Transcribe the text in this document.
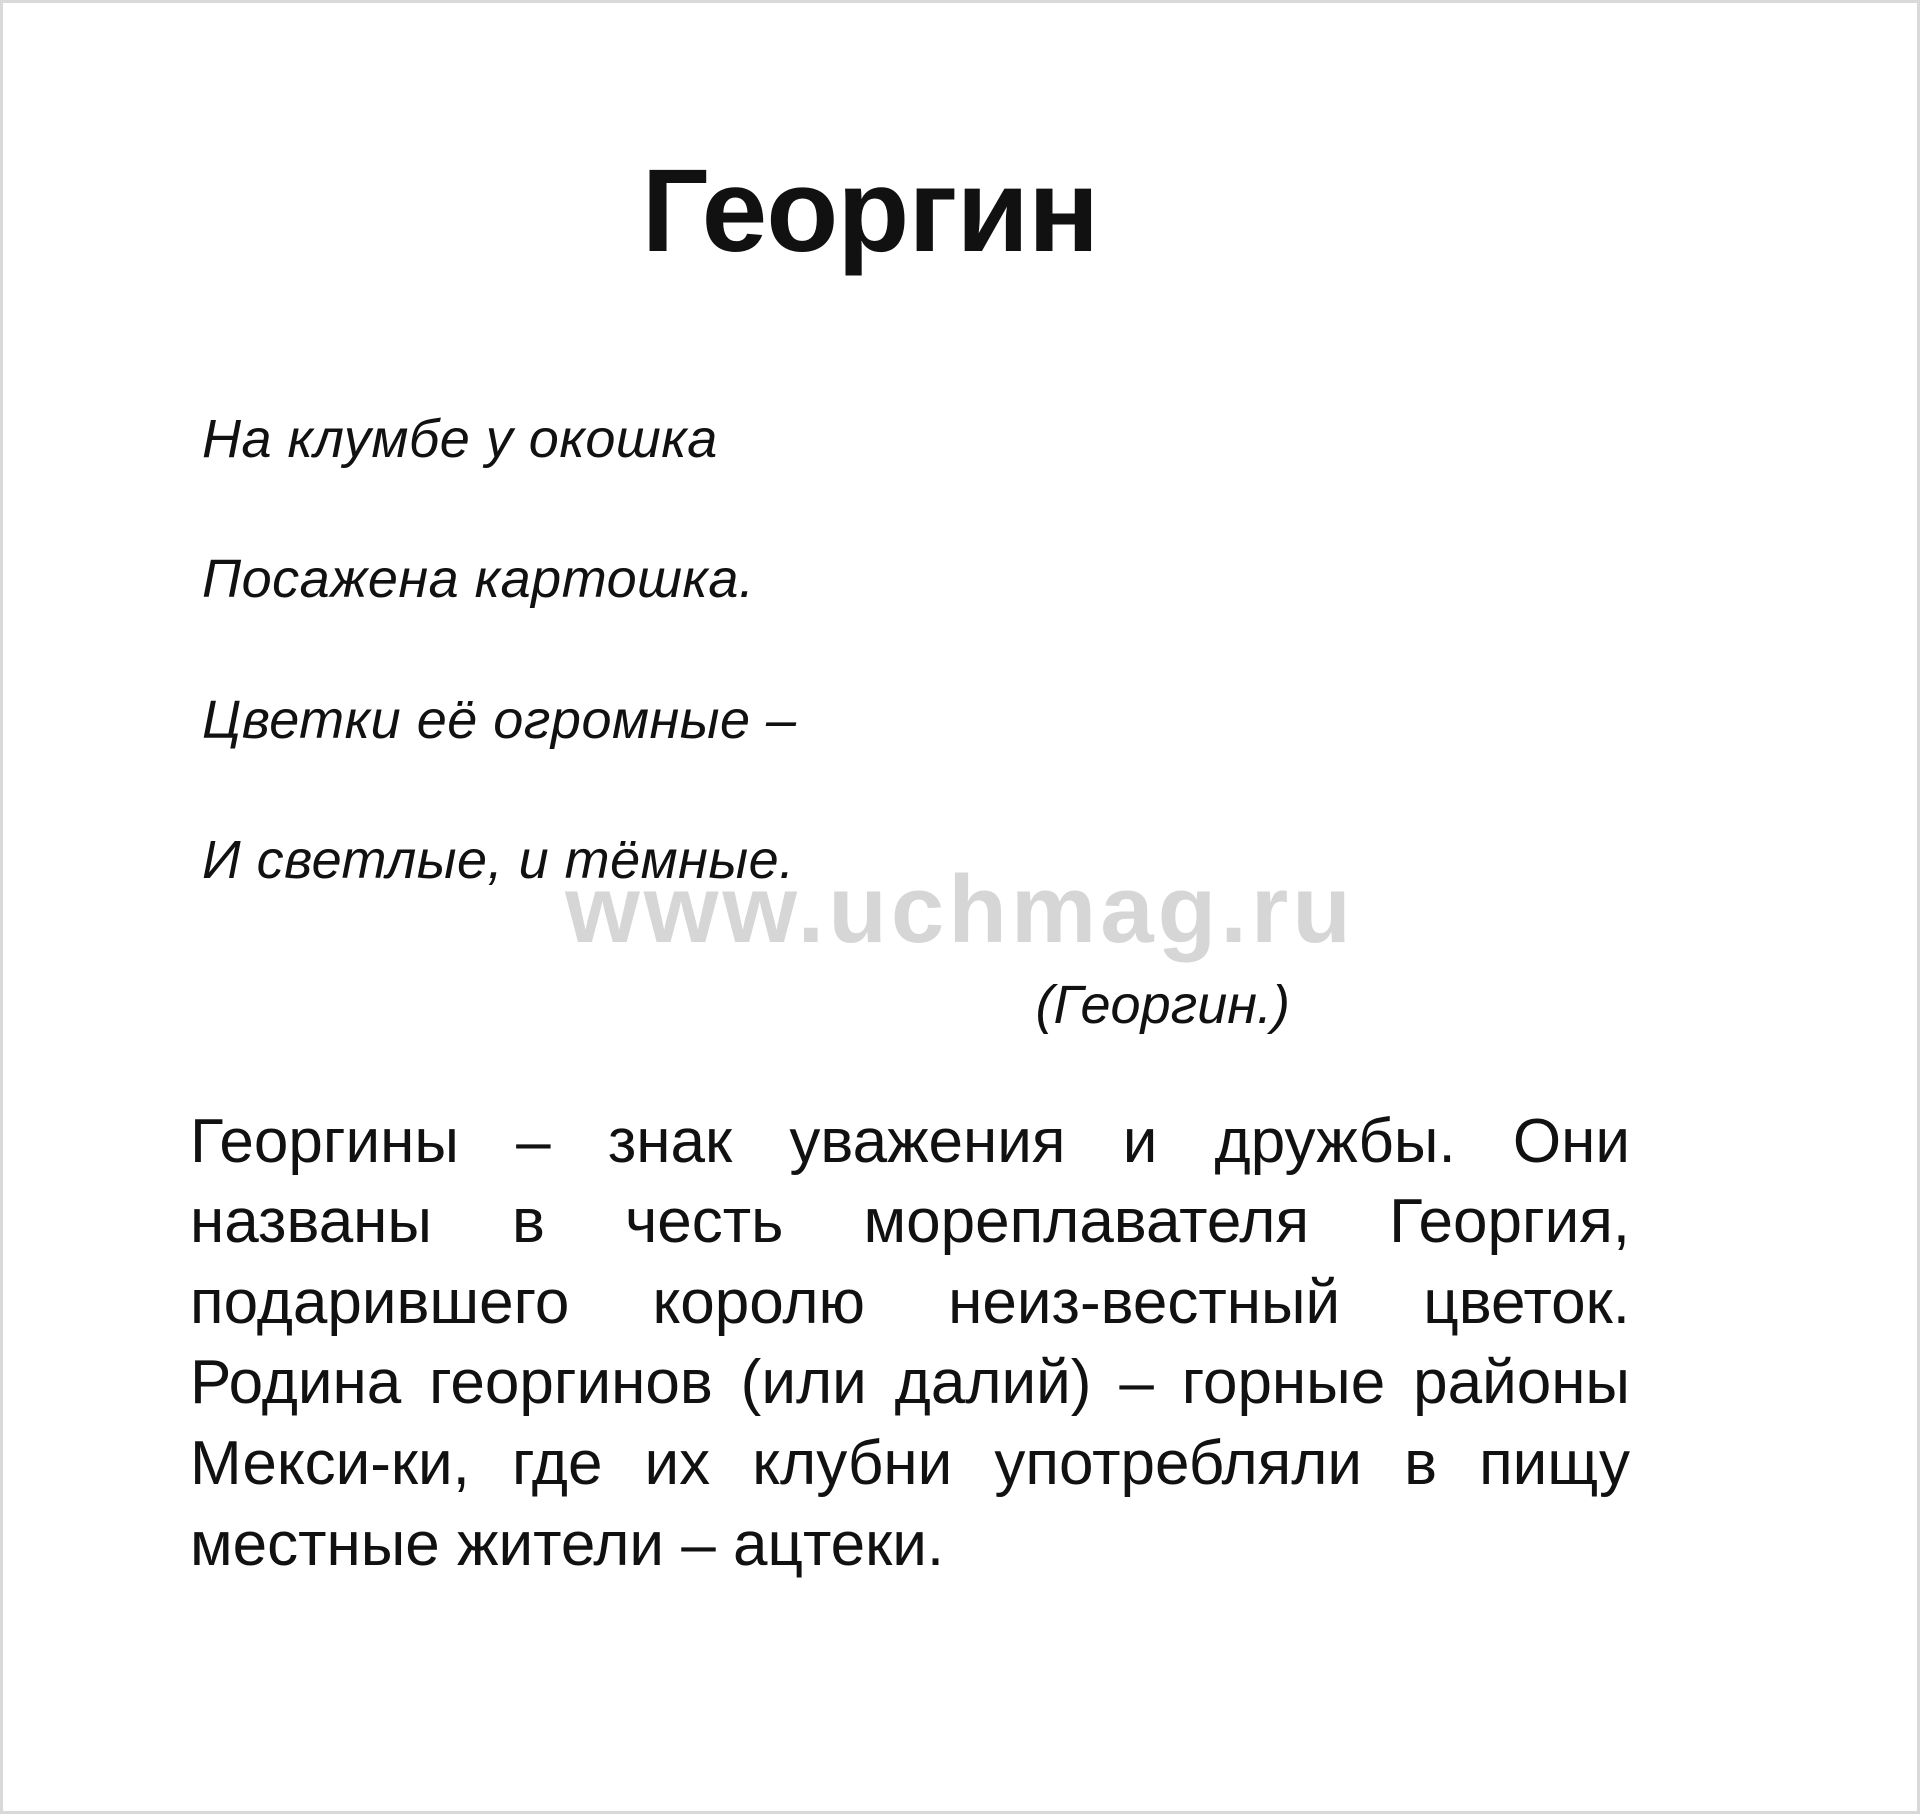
Георгин

На клумбе у окошка

Посажена картошка.

Цветки её огромные –

И светлые, и тёмные.

(Георгин.)

Георгины – знак уважения и дружбы. Они названы в честь мореплавателя Георгия, подарившего королю неиз-вестный цветок. Родина георгинов (или далий) – горные районы Мекси-ки, где их клубни употребляли в пищу местные жители – ацтеки.

www.uchmag.ru
